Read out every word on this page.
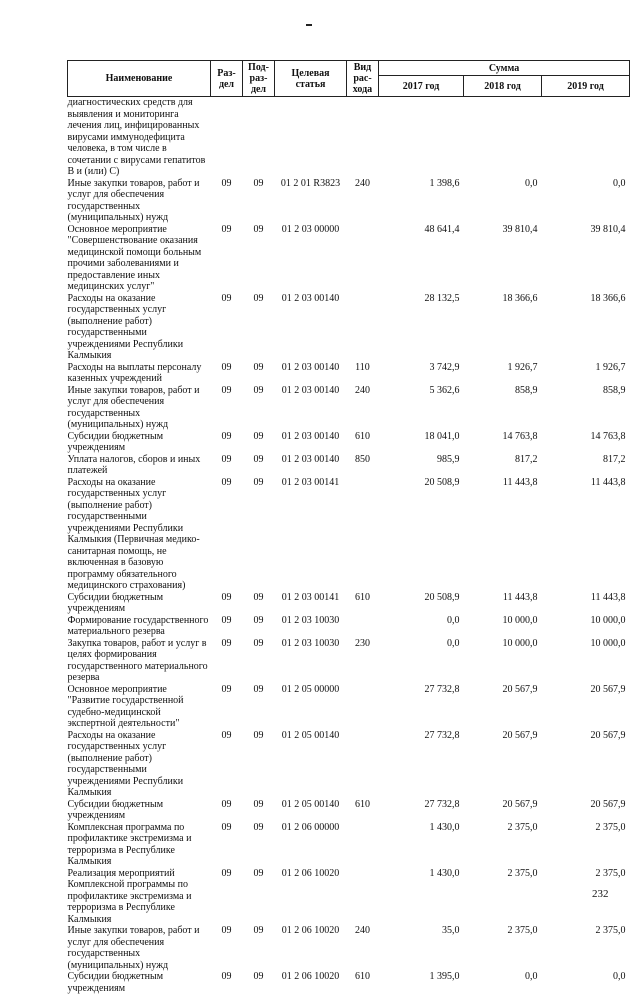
Наименование	Раз-дел	Под-раз-дел	Целевая статья	Вид рас-хода	Сумма		
					2017 год	2018 год	2019 год
диагностических средств для выявления и мониторинга лечения лиц, инфицированных вирусами иммунодефицита человека, в том числе в сочетании с вирусами гепатитов В и (или) С)							
Иные закупки товаров, работ и услуг для обеспечения государственных (муниципальных) нужд	09	09	01 2 01 R3823	240	1 398,6	0,0	0,0
Основное мероприятие "Совершенствование оказания медицинской помощи больным прочими заболеваниями и предоставление иных медицинских услуг"	09	09	01 2 03 00000		48 641,4	39 810,4	39 810,4
Расходы на оказание государственных услуг (выполнение работ) государственными учреждениями Республики Калмыкия	09	09	01 2 03 00140		28 132,5	18 366,6	18 366,6
Расходы на выплаты персоналу казенных учреждений	09	09	01 2 03 00140	110	3 742,9	1 926,7	1 926,7
Иные закупки товаров, работ и услуг для обеспечения государственных (муниципальных) нужд	09	09	01 2 03 00140	240	5 362,6	858,9	858,9
Субсидии бюджетным учреждениям	09	09	01 2 03 00140	610	18 041,0	14 763,8	14 763,8
Уплата налогов, сборов и иных платежей	09	09	01 2 03 00140	850	985,9	817,2	817,2
Расходы на оказание государственных услуг (выполнение работ) государственными учреждениями Республики Калмыкия (Первичная медико-санитарная помощь, не включенная в базовую программу обязательного медицинского страхования)	09	09	01 2 03 00141		20 508,9	11 443,8	11 443,8
Субсидии бюджетным учреждениям	09	09	01 2 03 00141	610	20 508,9	11 443,8	11 443,8
Формирование государственного материального резерва	09	09	01 2 03 10030		0,0	10 000,0	10 000,0
Закупка товаров, работ и услуг в целях формирования государственного материального резерва	09	09	01 2 03 10030	230	0,0	10 000,0	10 000,0
Основное мероприятие "Развитие государственной судебно-медицинской экспертной деятельности"	09	09	01 2 05 00000		27 732,8	20 567,9	20 567,9
Расходы на оказание государственных услуг (выполнение работ) государственными учреждениями Республики Калмыкия	09	09	01 2 05 00140		27 732,8	20 567,9	20 567,9
Субсидии бюджетным учреждениям	09	09	01 2 05 00140	610	27 732,8	20 567,9	20 567,9
Комплексная программа по профилактике экстремизма и терроризма в Республике Калмыкия	09	09	01 2 06 00000		1 430,0	2 375,0	2 375,0
Реализация мероприятий Комплексной программы по профилактике экстремизма и терроризма в Республике Калмыкия	09	09	01 2 06 10020		1 430,0	2 375,0	2 375,0
Иные закупки товаров, работ и услуг для обеспечения государственных (муниципальных) нужд	09	09	01 2 06 10020	240	35,0	2 375,0	2 375,0
Субсидии бюджетным учреждениям	09	09	01 2 06 10020	610	1 395,0	0,0	0,0
232
